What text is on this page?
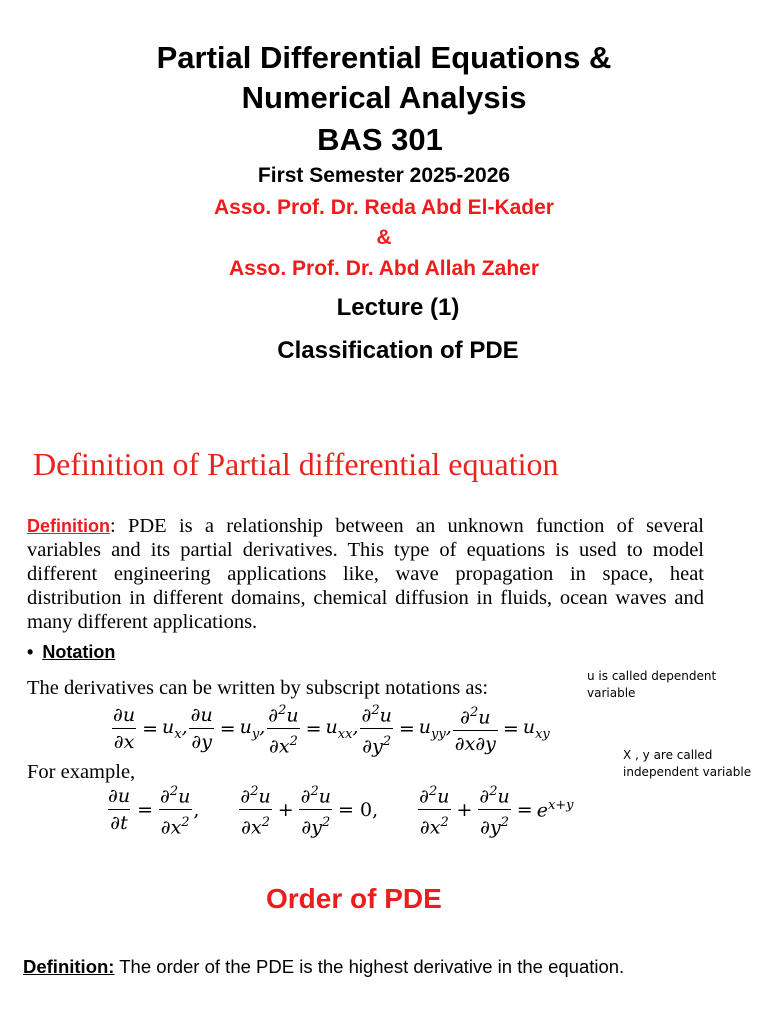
Partial Differential Equations &
Numerical Analysis
BAS 301
First Semester 2025-2026
Asso. Prof. Dr. Reda Abd El-Kader
&
Asso. Prof. Dr. Abd Allah Zaher
Lecture (1)
Classification of PDE
Definition of Partial differential equation
Definition: PDE is a relationship between an unknown function of several variables and its partial derivatives. This type of equations is used to model different engineering applications like, wave propagation in space, heat distribution in different domains, chemical diffusion in fluids, ocean waves and many different applications.
• Notation
The derivatives can be written by subscript notations as:
u is called dependent variable
$\frac{\partial u}{\partial x} = u_x$, $\frac{\partial u}{\partial y} = u_y$, $\frac{\partial^2u}{\partial x^2} = u_{xx}$, $\frac{\partial^2u}{\partial y^2} = u_{yy}$, $\frac{\partial^2u}{\partial x\partial y} = u_{xy}$
X , y are called independent variable
For example,
$\frac{\partial u}{\partial t} = \frac{\partial^2u}{\partial x^2}$ , $\frac{\partial^2u}{\partial x^2} + \frac{\partial^2u}{\partial y^2} = 0$, $\frac{\partial^2u}{\partial x^2} + \frac{\partial^2u}{\partial y^2} = e^{x+y}$
Order of PDE
Definition: The order of the PDE is the highest derivative in the equation.
